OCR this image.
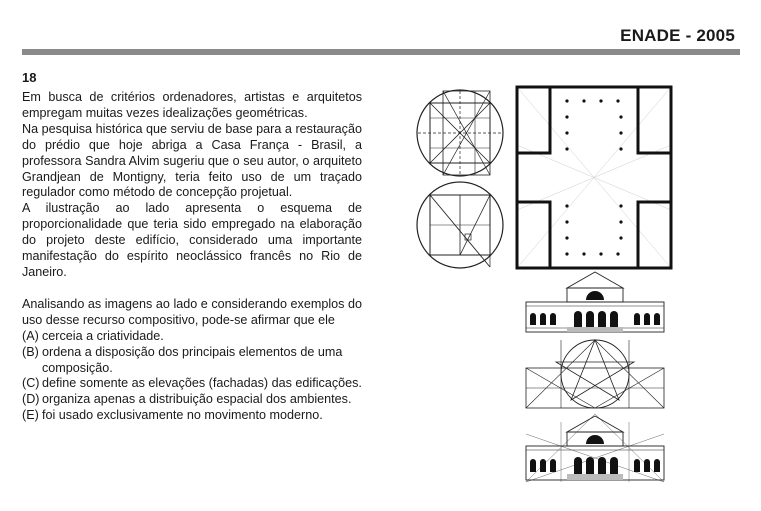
ENADE - 2005
18

Em busca de critérios ordenadores, artistas e arquitetos empregam muitas vezes idealizações geométricas.

Na pesquisa histórica que serviu de base para a restauração do prédio que hoje abriga a Casa França - Brasil, a professora Sandra Alvim sugeriu que o seu autor, o arquiteto Grandjean de Montigny, teria feito uso de um traçado regulador como método de concepção projetual.

A ilustração ao lado apresenta o esquema de proporcionalidade que teria sido empregado na elaboração do projeto deste edifício, considerado uma importante manifestação do espírito neoclássico francês no Rio de Janeiro.

Analisando as imagens ao lado e considerando exemplos do uso desse recurso compositivo, pode-se afirmar que ele

(A) cerceia a criatividade.
(B) ordena a disposição dos principais elementos de uma composição.
(C) define somente as elevações (fachadas) das edificações.
(D) organiza apenas a distribuição espacial dos ambientes.
(E) foi usado exclusivamente no movimento moderno.
